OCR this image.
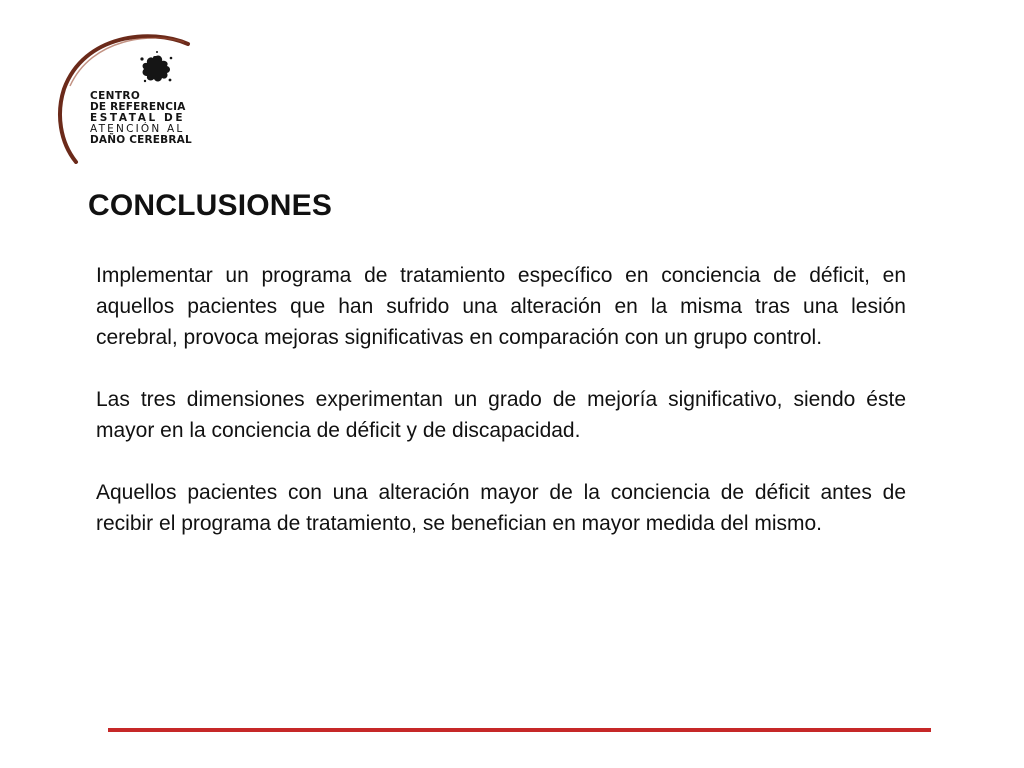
CENTRO
DE REFERENCIA
ESTATAL DE
ATENCIÓN AL
DAÑO CEREBRAL
CONCLUSIONES

Implementar un programa de tratamiento específico en conciencia de déficit, en aquellos pacientes que han sufrido una alteración en la misma tras una lesión cerebral, provoca mejoras significativas en comparación con un grupo control.

Las tres dimensiones experimentan un grado de mejoría significativo, siendo éste mayor en la conciencia de déficit y de discapacidad.

Aquellos pacientes con una alteración mayor de la conciencia de déficit antes de recibir el programa de tratamiento, se benefician en mayor medida del mismo.
